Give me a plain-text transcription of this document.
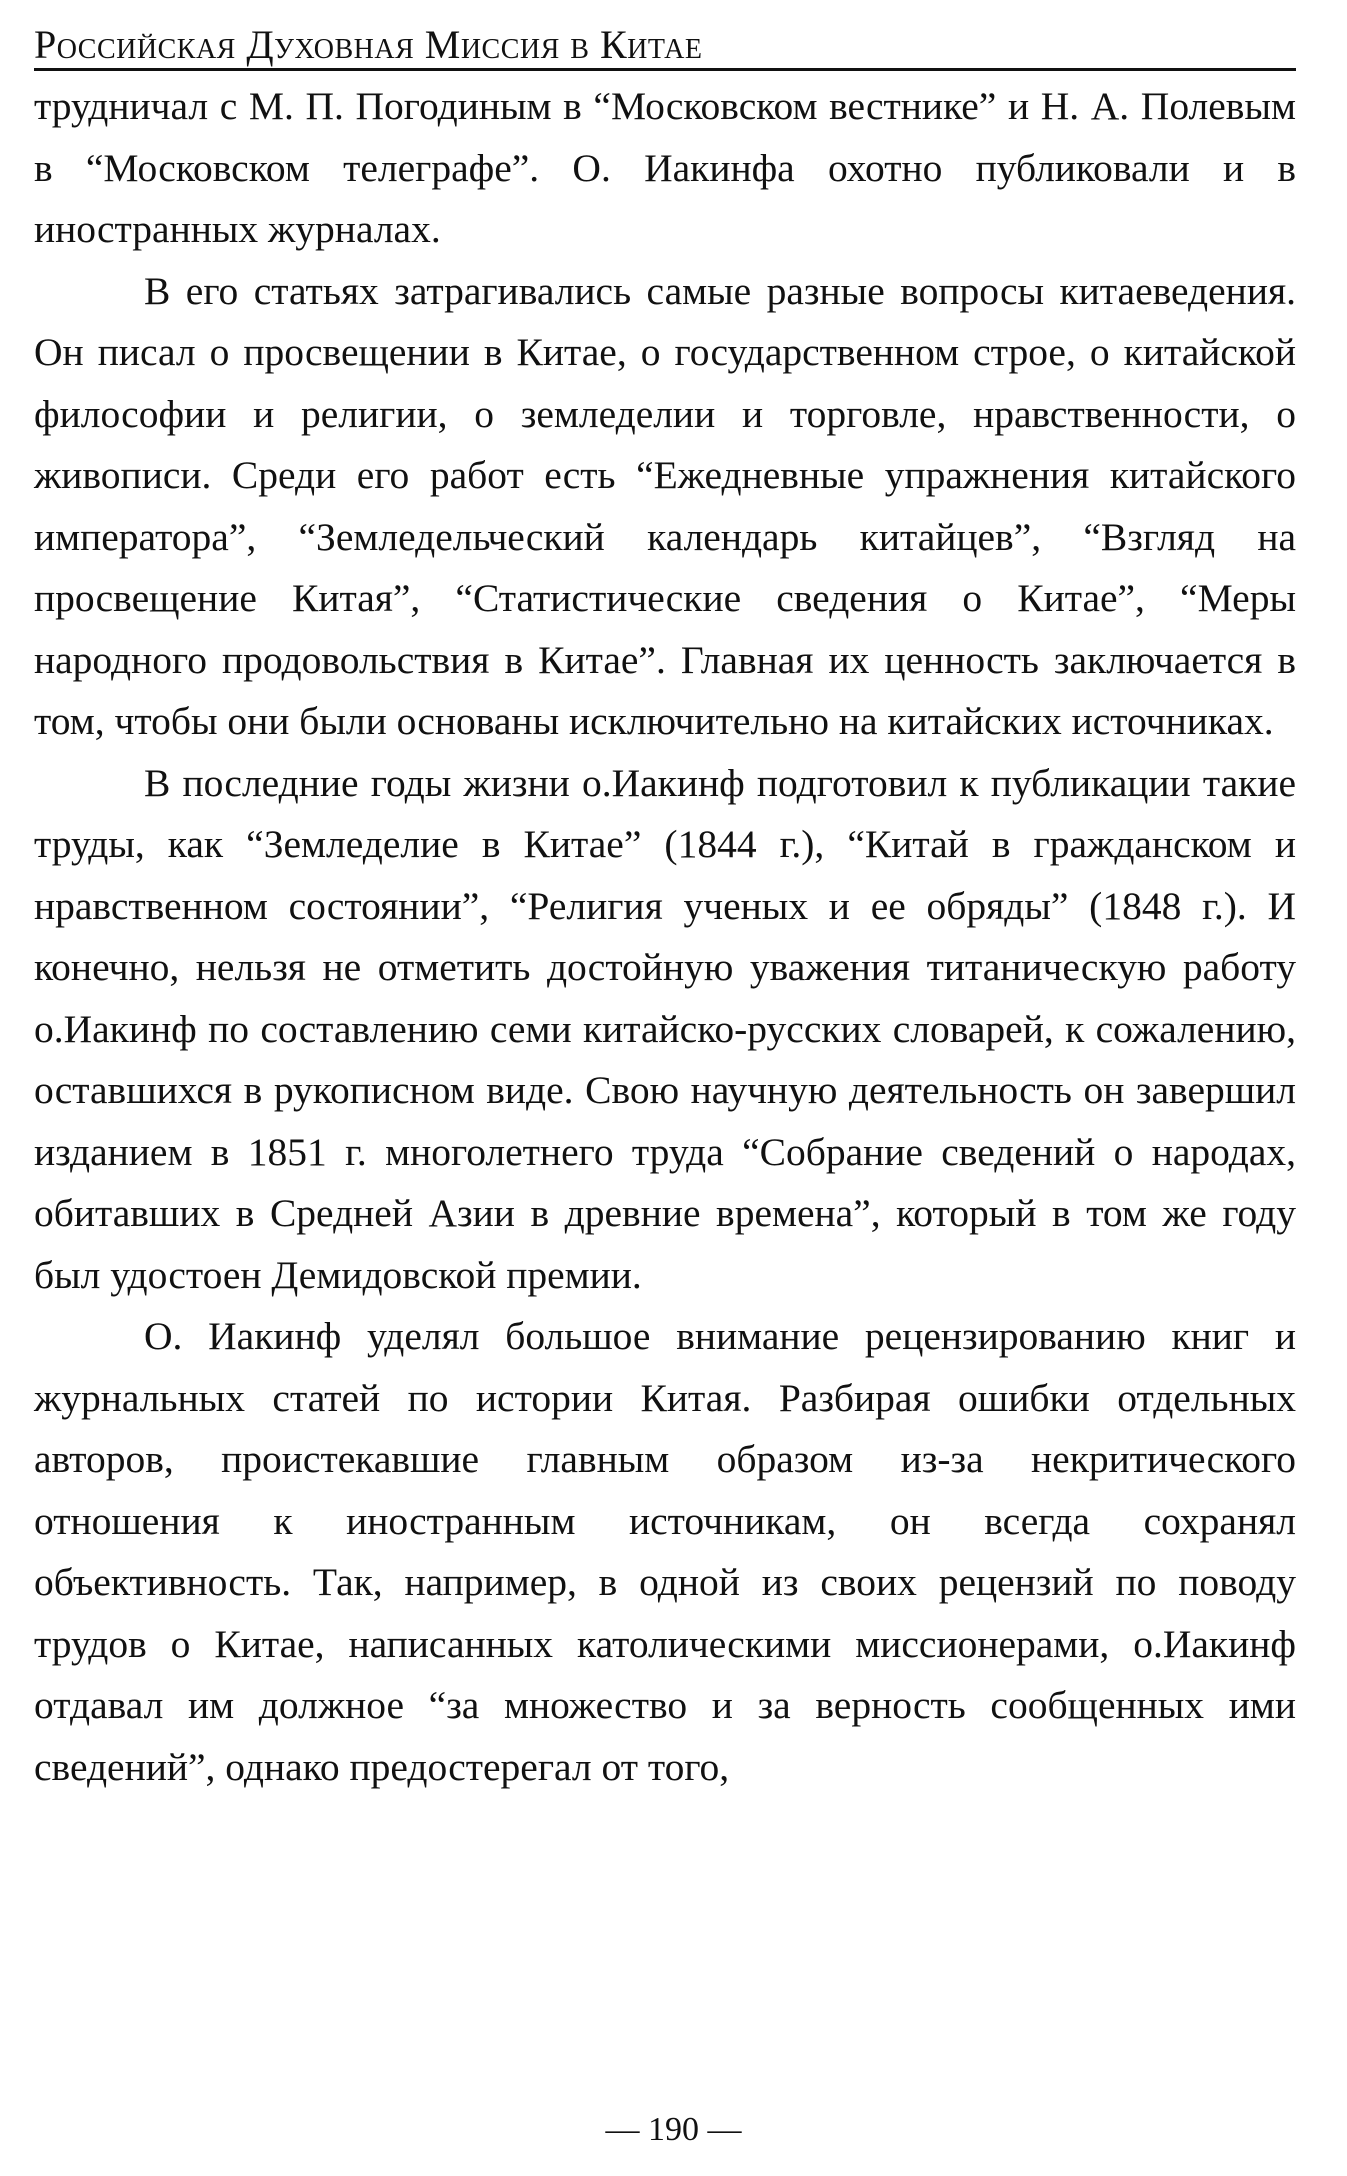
Российская Духовная Миссия в Китае

трудничал с М. П. Погодиным в “Московском вестнике” и Н. А. Полевым в “Московском телеграфе”. О. Иакинфа охотно публиковали и в иностранных журналах.

В его статьях затрагивались самые разные вопросы китаеведения. Он писал о просвещении в Китае, о государственном строе, о китайской философии и религии, о земледелии и торговле, нравственности, о живописи. Среди его работ есть “Ежедневные упражнения китайского императора”, “Земледельческий календарь китайцев”, “Взгляд на просвещение Китая”, “Статистические сведения о Китае”, “Меры народного продовольствия в Китае”. Главная их ценность заключается в том, чтобы они были основаны исключительно на китайских источниках.

В последние годы жизни о.Иакинф подготовил к публикации такие труды, как “Земледелие в Китае” (1844 г.), “Китай в гражданском и нравственном состоянии”, “Религия ученых и ее обряды” (1848 г.). И конечно, нельзя не отметить достойную уважения титаническую работу о.Иакинф по составлению семи китайско-русских словарей, к сожалению, оставшихся в рукописном виде. Свою научную деятельность он завершил изданием в 1851 г. многолетнего труда “Собрание сведений о народах, обитавших в Средней Азии в древние времена”, который в том же году был удостоен Демидовской премии.

О. Иакинф уделял большое внимание рецензированию книг и журнальных статей по истории Китая. Разбирая ошибки отдельных авторов, проистекавшие главным образом из-за некритического отношения к иностранным источникам, он всегда сохранял объективность. Так, например, в одной из своих рецензий по поводу трудов о Китае, написанных католическими миссионерами, о.Иакинф отдавал им должное “за множество и за верность сообщенных ими сведений”, однако предостерегал от того,

— 190 —
